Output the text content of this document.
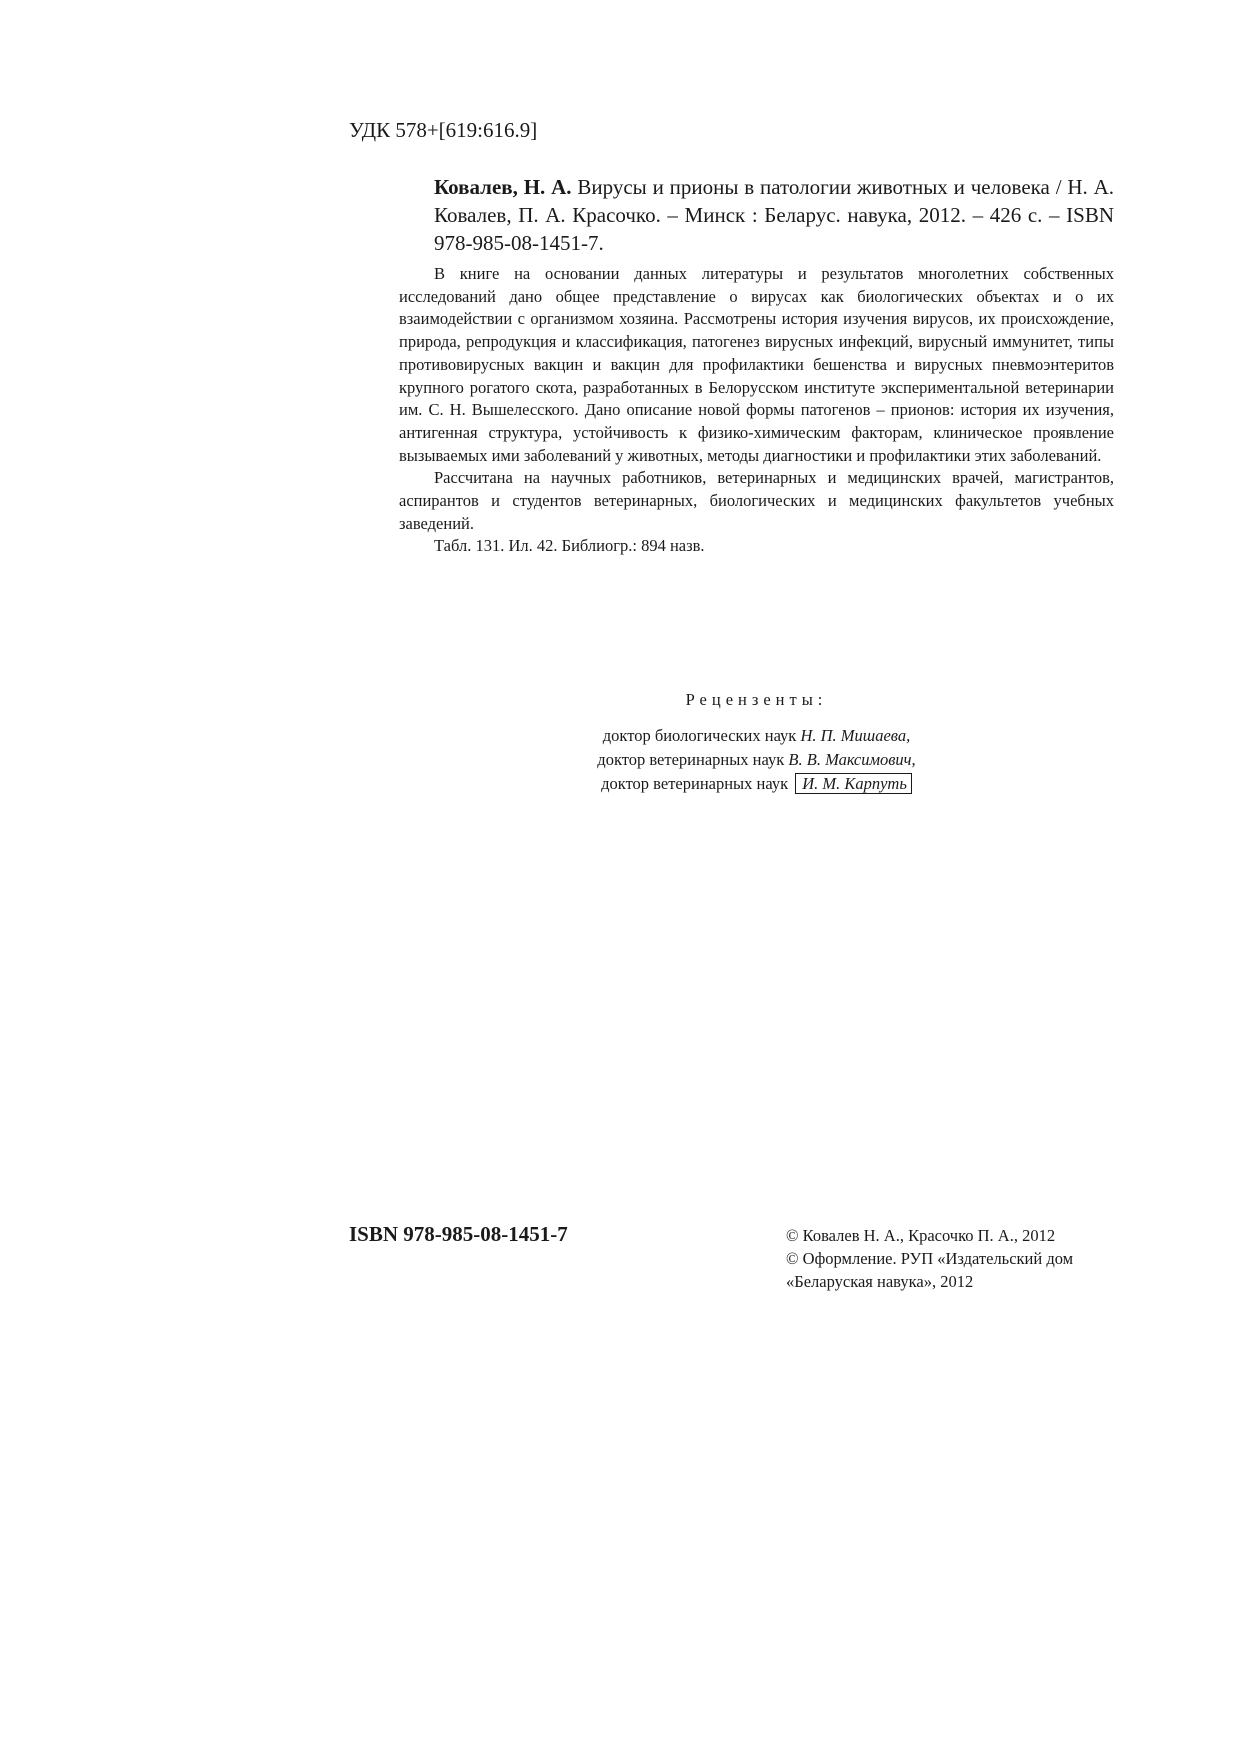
УДК 578+[619:616.9]
Ковалев, Н. А. Вирусы и прионы в патологии животных и человека / Н. А. Ковалев, П. А. Красочко. – Минск : Беларус. навука, 2012. – 426 с. – ISBN 978-985-08-1451-7.

В книге на основании данных литературы и результатов многолетних собственных исследований дано общее представление о вирусах как биологических объектах и о их взаимодействии с организмом хозяина. Рассмотрены история изучения вирусов, их происхождение, природа, репродукция и классификация, патогенез вирусных инфекций, вирусный иммунитет, типы противовирусных вакцин и вакцин для профилактики бешенства и вирусных пневмоэнтеритов крупного рогатого скота, разработанных в Белорусском институте экспериментальной ветеринарии им. С. Н. Вышелесского. Дано описание новой формы патогенов – прионов: история их изучения, антигенная структура, устойчивость к физико-химическим факторам, клиническое проявление вызываемых ими заболеваний у животных, методы диагностики и профилактики этих заболеваний.

Рассчитана на научных работников, ветеринарных и медицинских врачей, магистрантов, аспирантов и студентов ветеринарных, биологических и медицинских факультетов учебных заведений.

Табл. 131. Ил. 42. Библиогр.: 894 назв.

Рецензенты:
доктор биологических наук Н. П. Мишаева,
доктор ветеринарных наук В. В. Максимович,
доктор ветеринарных наук И. М. Карпуть
ISBN 978-985-08-1451-7	© Ковалев Н. А., Красочко П. А., 2012
© Оформление. РУП «Издательский дом
«Беларуская навука», 2012
